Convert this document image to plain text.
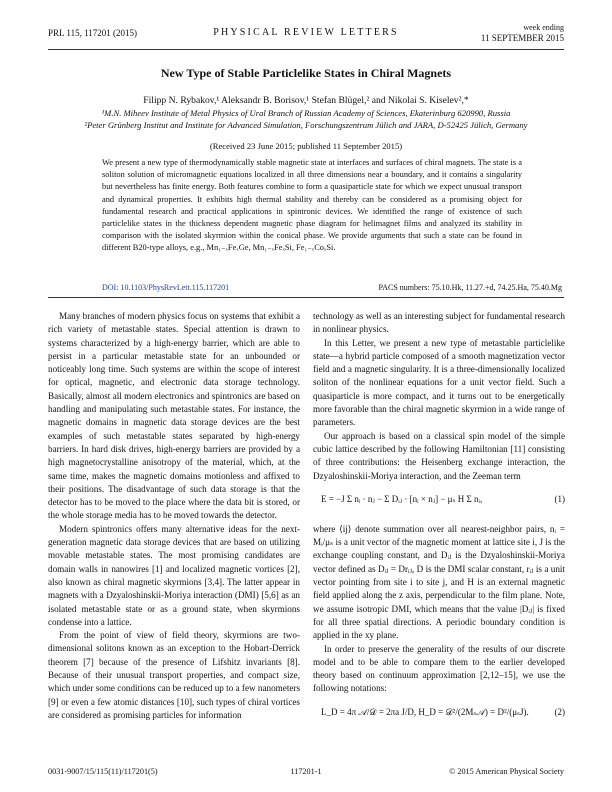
PRL 115, 117201 (2015)	PHYSICAL REVIEW LETTERS	week ending
11 SEPTEMBER 2015
New Type of Stable Particlelike States in Chiral Magnets
Filipp N. Rybakov,¹ Aleksandr B. Borisov,¹ Stefan Blügel,² and Nikolai S. Kiselev²,*
¹M.N. Miheev Institute of Metal Physics of Ural Branch of Russian Academy of Sciences, Ekaterinburg 620990, Russia
²Peter Grünberg Institut and Institute for Advanced Simulation, Forschungszentrum Jülich and JARA, D-52425 Jülich, Germany
(Received 23 June 2015; published 11 September 2015)
We present a new type of thermodynamically stable magnetic state at interfaces and surfaces of chiral magnets. The state is a soliton solution of micromagnetic equations localized in all three dimensions near a boundary, and it contains a singularity but nevertheless has finite energy. Both features combine to form a quasiparticle state for which we expect unusual transport and dynamical properties. It exhibits high thermal stability and thereby can be considered as a promising object for fundamental research and practical applications in spintronic devices. We identified the range of existence of such particlelike states in the thickness dependent magnetic phase diagram for helimagnet films and analyzed its stability in comparison with the isolated skyrmion within the conical phase. We provide arguments that such a state can be found in different B20-type alloys, e.g., Mn₁₋ₓFeₓGe, Mn₁₋ₓFeₓSi, Fe₁₋ₓCoₓSi.
DOI: 10.1103/PhysRevLett.115.117201	PACS numbers: 75.10.Hk, 11.27.+d, 74.25.Ha, 75.40.Mg

Many branches of modern physics focus on systems that exhibit a rich variety of metastable states. Special attention is drawn to systems characterized by a high-energy barrier, which are able to persist in a particular metastable state for an unbounded or noticeably long time. Such systems are within the scope of interest for optical, magnetic, and electronic data storage technology. Basically, almost all modern electronics and spintronics are based on handling and manipulating such metastable states. For instance, the magnetic domains in magnetic data storage devices are the best examples of such metastable states separated by high-energy barriers. In hard disk drives, high-energy barriers are provided by a high magnetocrystalline anisotropy of the material, which, at the same time, makes the magnetic domains motionless and affixed to their positions. The disadvantage of such data storage is that the detector has to be moved to the place where the data bit is stored, or the whole storage media has to be moved towards the detector.

Modern spintronics offers many alternative ideas for the next-generation magnetic data storage devices that are based on utilizing movable metastable states. The most promising candidates are domain walls in nanowires [1] and localized magnetic vortices [2], also known as chiral magnetic skyrmions [3,4]. The latter appear in magnets with a Dzyaloshinskii-Moriya interaction (DMI) [5,6] as an isolated metastable state or as a ground state, when skyrmions condense into a lattice.

From the point of view of field theory, skyrmions are two-dimensional solitons known as an exception to the Hobart-Derrick theorem [7] because of the presence of Lifshitz invariants [8]. Because of their unusual transport properties, and compact size, which under some conditions can be reduced up to a few nanometers [9] or even a few atomic distances [10], such types of chiral vortices are considered as promising particles for information

technology as well as an interesting subject for fundamental research in nonlinear physics.

In this Letter, we present a new type of metastable particlelike state—a hybrid particle composed of a smooth magnetization vector field and a magnetic singularity. It is a three-dimensionally localized soliton of the nonlinear equations for a unit vector field. Such a quasiparticle is more compact, and it turns out to be energetically more favorable than the chiral magnetic skyrmion in a wide range of parameters.

Our approach is based on a classical spin model of the simple cubic lattice described by the following Hamiltonian [11] consisting of three contributions: the Heisenberg exchange interaction, the Dzyaloshinskii-Moriya interaction, and the Zeeman term

E = −J Σ nᵢ · nⱼ − Σ Dᵢⱼ · [nᵢ × nⱼ] − μₛ H Σ nᵢ,	(1)

where ⟨ij⟩ denote summation over all nearest-neighbor pairs, nᵢ = Mᵢ/μₛ is a unit vector of the magnetic moment at lattice site i, J is the exchange coupling constant, and Dᵢⱼ is the Dzyaloshinskii-Moriya vector defined as Dᵢⱼ = Drᵢⱼ, D is the DMI scalar constant, rᵢⱼ is a unit vector pointing from site i to site j, and H is an external magnetic field applied along the z axis, perpendicular to the film plane. Note, we assume isotropic DMI, which means that the value |Dᵢⱼ| is fixed for all three spatial directions. A periodic boundary condition is applied in the xy plane.

In order to preserve the generality of the results of our discrete model and to be able to compare them to the earlier developed theory based on continuum approximation [2,12–15], we use the following notations:

L_D = 4π 𝒜/𝒟 = 2πa J/D, H_D = 𝒟²/(2Mₛ𝒜) = D²/(μₛJ).	(2)
0031-9007/15/115(11)/117201(5)	117201-1	© 2015 American Physical Society
